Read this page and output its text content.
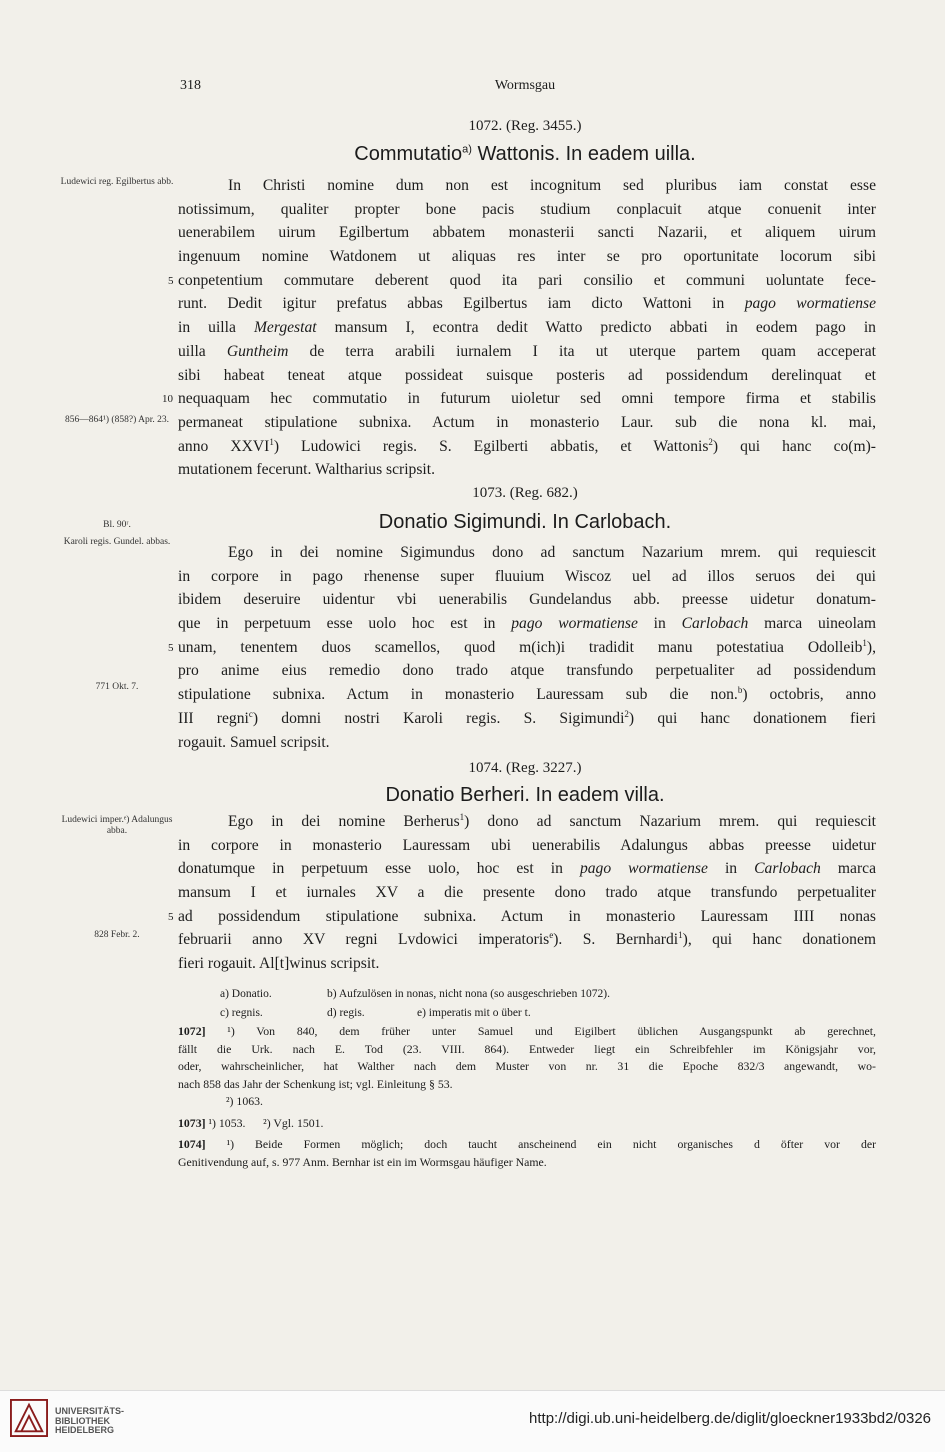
318	Wormsgau
1072. (Reg. 3455.)
Commutatio$^{a)}$ Wattonis. In eadem uilla.
Ludewici reg. Egilbertus abb.
856—864¹) (858?) Apr. 23.
In Christi nomine dum non est incognitum sed pluribus iam constat esse
notissimum, qualiter propter bone pacis studium conplacuit atque conuenit inter
uenerabilem uirum Egilbertum abbatem monasterii sancti Nazarii, et aliquem uirum
ingenuum nomine Watdonem ut aliquas res inter se pro oportunitate locorum sibi
5 conpetentium commutare deberent quod ita pari consilio et communi uoluntate fece-
runt. Dedit igitur prefatus abbas Egilbertus iam dicto Wattoni in pago wormatiense
in uilla Mergestat mansum I, econtra dedit Watto predicto abbati in eodem pago in
uilla Guntheim de terra arabili iurnalem I ita ut uterque partem quam acceperat
sibi habeat teneat atque possideat suisque posteris ad possidendum derelinquat et
10 nequaquam hec commutatio in futurum uioletur sed omni tempore firma et stabilis
permaneat stipulatione subnixa. Actum in monasterio Laur. sub die nona kl. mai,
anno XXVI$^1$) Ludowici regis. S. Egilberti abbatis, et Wattonis$^2$) qui hanc co(m)-
mutationem fecerunt. Waltharius scripsit.
1073. (Reg. 682.)
Donatio Sigimundi. In Carlobach.
Bl. 90ʳ.
Karoli regis. Gundel. abbas.
771 Okt. 7.
Ego in dei nomine Sigimundus dono ad sanctum Nazarium mrem. qui requiescit
in corpore in pago rhenense super fluuium Wiscoz uel ad illos seruos dei qui
ibidem deseruire uidentur vbi uenerabilis Gundelandus abb. preesse uidetur donatum-
que in perpetuum esse uolo hoc est in pago wormatiense in Carlobach marca uineolam
5 unam, tenentem duos scamellos, quod m(ich)i tradidit manu potestatiua Odolleib$^1$),
pro anime eius remedio dono trado atque transfundo perpetualiter ad possidendum
stipulatione subnixa. Actum in monasterio Lauressam sub die non.$^b$) octobris, anno
III regni$^c$) domni nostri Karoli regis. S. Sigimundi$^2$) qui hanc donationem fieri
rogauit. Samuel scripsit.
1074. (Reg. 3227.)
Donatio Berheri. In eadem villa.
Ludewici imper.ᵉ) Adalungus abba.
828 Febr. 2.
Ego in dei nomine Berherus$^1$) dono ad sanctum Nazarium mrem. qui requiescit
in corpore in monasterio Lauressam ubi uenerabilis Adalungus abbas preesse uidetur
donatumque in perpetuum esse uolo, hoc est in pago wormatiense in Carlobach marca
mansum I et iurnales XV a die presente dono trado atque transfundo perpetualiter
5 ad possidendum stipulatione subnixa. Actum in monasterio Lauressam IIII nonas
februarii anno XV regni Lvdowici imperatoris$^e$). S. Bernhardi$^1$), qui hanc donationem
fieri rogauit. Al[t]winus scripsit.
a) Donatio.	b) Aufzulösen in nonas, nicht nona (so ausgeschrieben 1072).
c) regnis.	d) regis.	e) imperatis mit o über t.
1072] ¹) Von 840, dem früher unter Samuel und Eigilbert üblichen Ausgangspunkt ab gerechnet,
fällt die Urk. nach E. Tod (23. VIII. 864). Entweder liegt ein Schreibfehler im Königsjahr vor,
oder, wahrscheinlicher, hat Walther nach dem Muster von nr. 31 die Epoche 832/3 angewandt, wo-
nach 858 das Jahr der Schenkung ist; vgl. Einleitung § 53.
²) 1063.
1073] ¹) 1053. ²) Vgl. 1501.
1074] ¹) Beide Formen möglich; doch taucht anscheinend ein nicht organisches d öfter vor der
Genitivendung auf, s. 977 Anm. Bernhar ist ein im Wormsgau häufiger Name.
UNIVERSITÄTS-
BIBLIOTHEK
HEIDELBERG
http://digi.ub.uni-heidelberg.de/diglit/gloeckner1933bd2/0326
